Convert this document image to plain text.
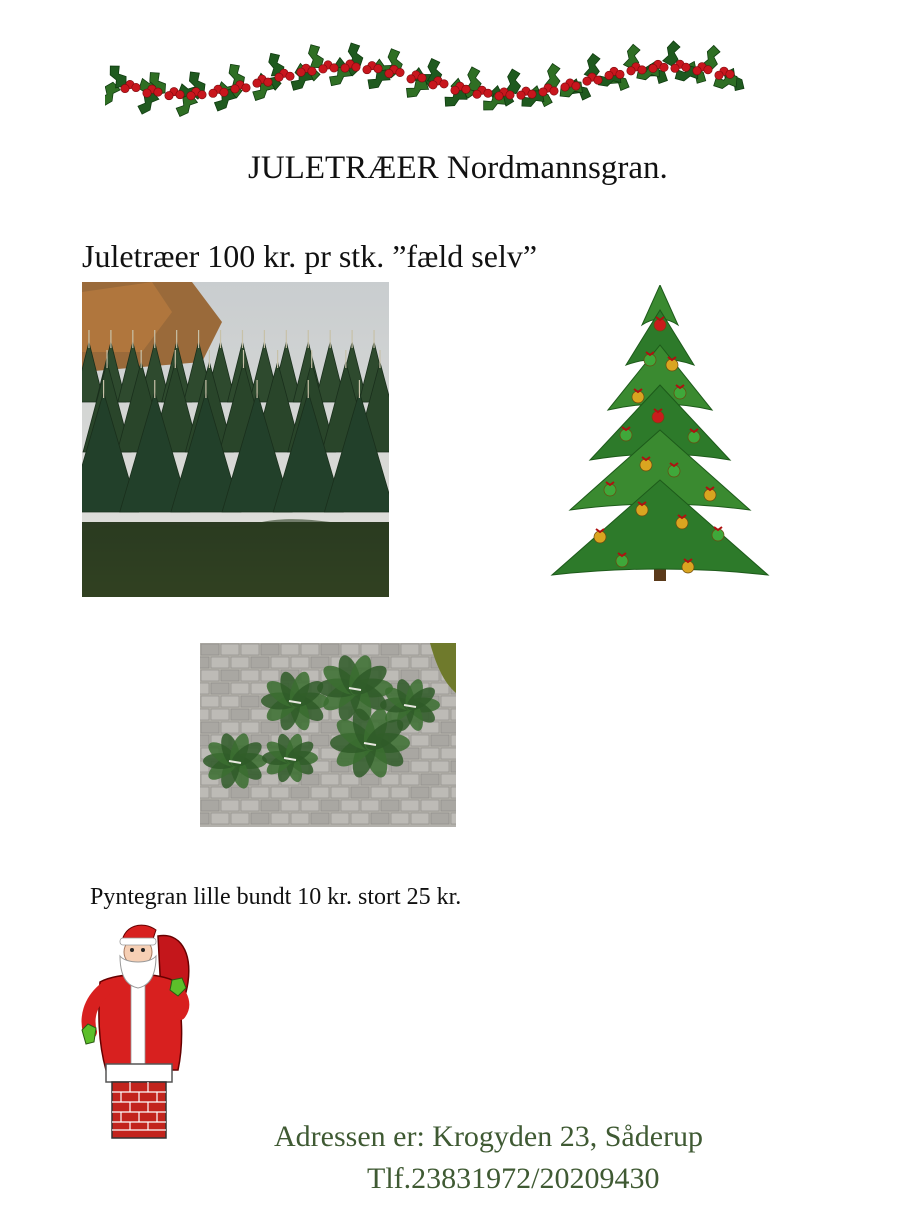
JULETRÆER Nordmannsgran.
Juletræer 100 kr. pr stk. ”fæld selv”
Pyntegran lille bundt 10 kr. stort 25 kr.
Adressen er: Krogyden 23, Såderup
Tlf.23831972/20209430
